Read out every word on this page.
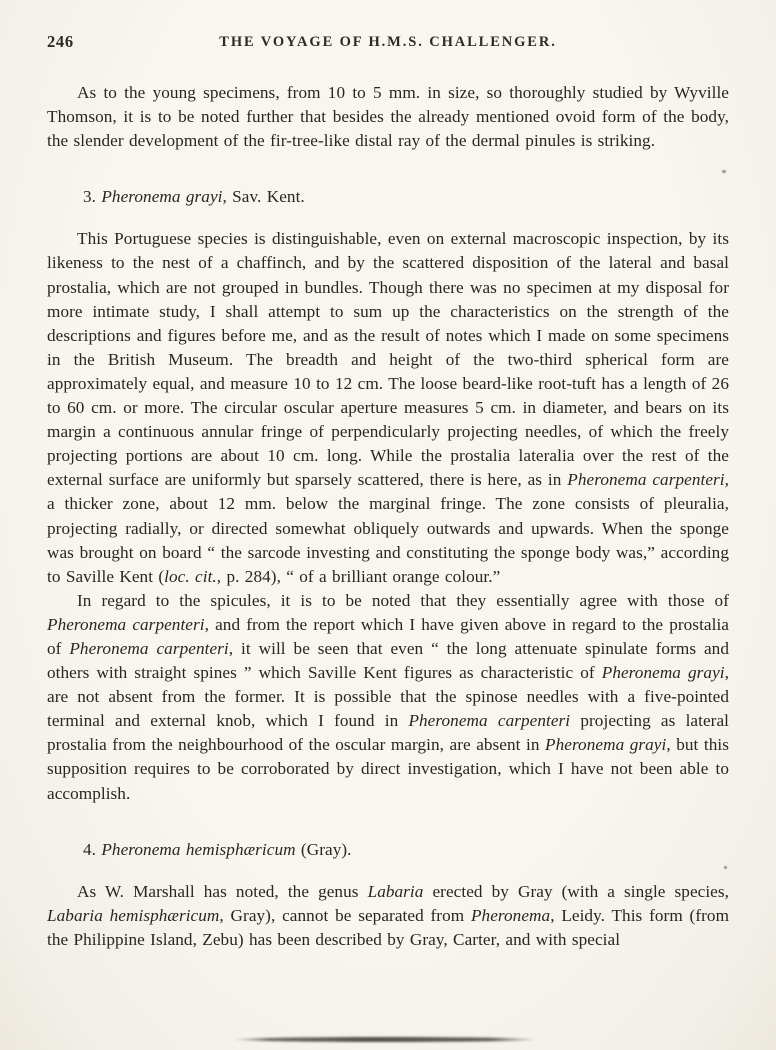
246	THE VOYAGE OF H.M.S. CHALLENGER.

As to the young specimens, from 10 to 5 mm. in size, so thoroughly studied by Wyville Thomson, it is to be noted further that besides the already mentioned ovoid form of the body, the slender development of the fir-tree-like distal ray of the dermal pinules is striking.

3. Pheronema grayi, Sav. Kent.

This Portuguese species is distinguishable, even on external macroscopic inspection, by its likeness to the nest of a chaffinch, and by the scattered disposition of the lateral and basal prostalia, which are not grouped in bundles. Though there was no specimen at my disposal for more intimate study, I shall attempt to sum up the characteristics on the strength of the descriptions and figures before me, and as the result of notes which I made on some specimens in the British Museum. The breadth and height of the two-third spherical form are approximately equal, and measure 10 to 12 cm. The loose beard-like root-tuft has a length of 26 to 60 cm. or more. The circular oscular aperture measures 5 cm. in diameter, and bears on its margin a continuous annular fringe of perpendicularly projecting needles, of which the freely projecting portions are about 10 cm. long. While the prostalia lateralia over the rest of the external surface are uniformly but sparsely scattered, there is here, as in Pheronema carpenteri, a thicker zone, about 12 mm. below the marginal fringe. The zone consists of pleuralia, projecting radially, or directed somewhat obliquely outwards and upwards. When the sponge was brought on board “ the sarcode investing and constituting the sponge body was,” according to Saville Kent (loc. cit., p. 284), “ of a brilliant orange colour.”

In regard to the spicules, it is to be noted that they essentially agree with those of Pheronema carpenteri, and from the report which I have given above in regard to the prostalia of Pheronema carpenteri, it will be seen that even “ the long attenuate spinulate forms and others with straight spines ” which Saville Kent figures as characteristic of Pheronema grayi, are not absent from the former. It is possible that the spinose needles with a five-pointed terminal and external knob, which I found in Pheronema carpenteri projecting as lateral prostalia from the neighbourhood of the oscular margin, are absent in Pheronema grayi, but this supposition requires to be corroborated by direct investigation, which I have not been able to accomplish.

4. Pheronema hemisphæricum (Gray).

As W. Marshall has noted, the genus Labaria erected by Gray (with a single species, Labaria hemisphæricum, Gray), cannot be separated from Pheronema, Leidy. This form (from the Philippine Island, Zebu) has been described by Gray, Carter, and with special
